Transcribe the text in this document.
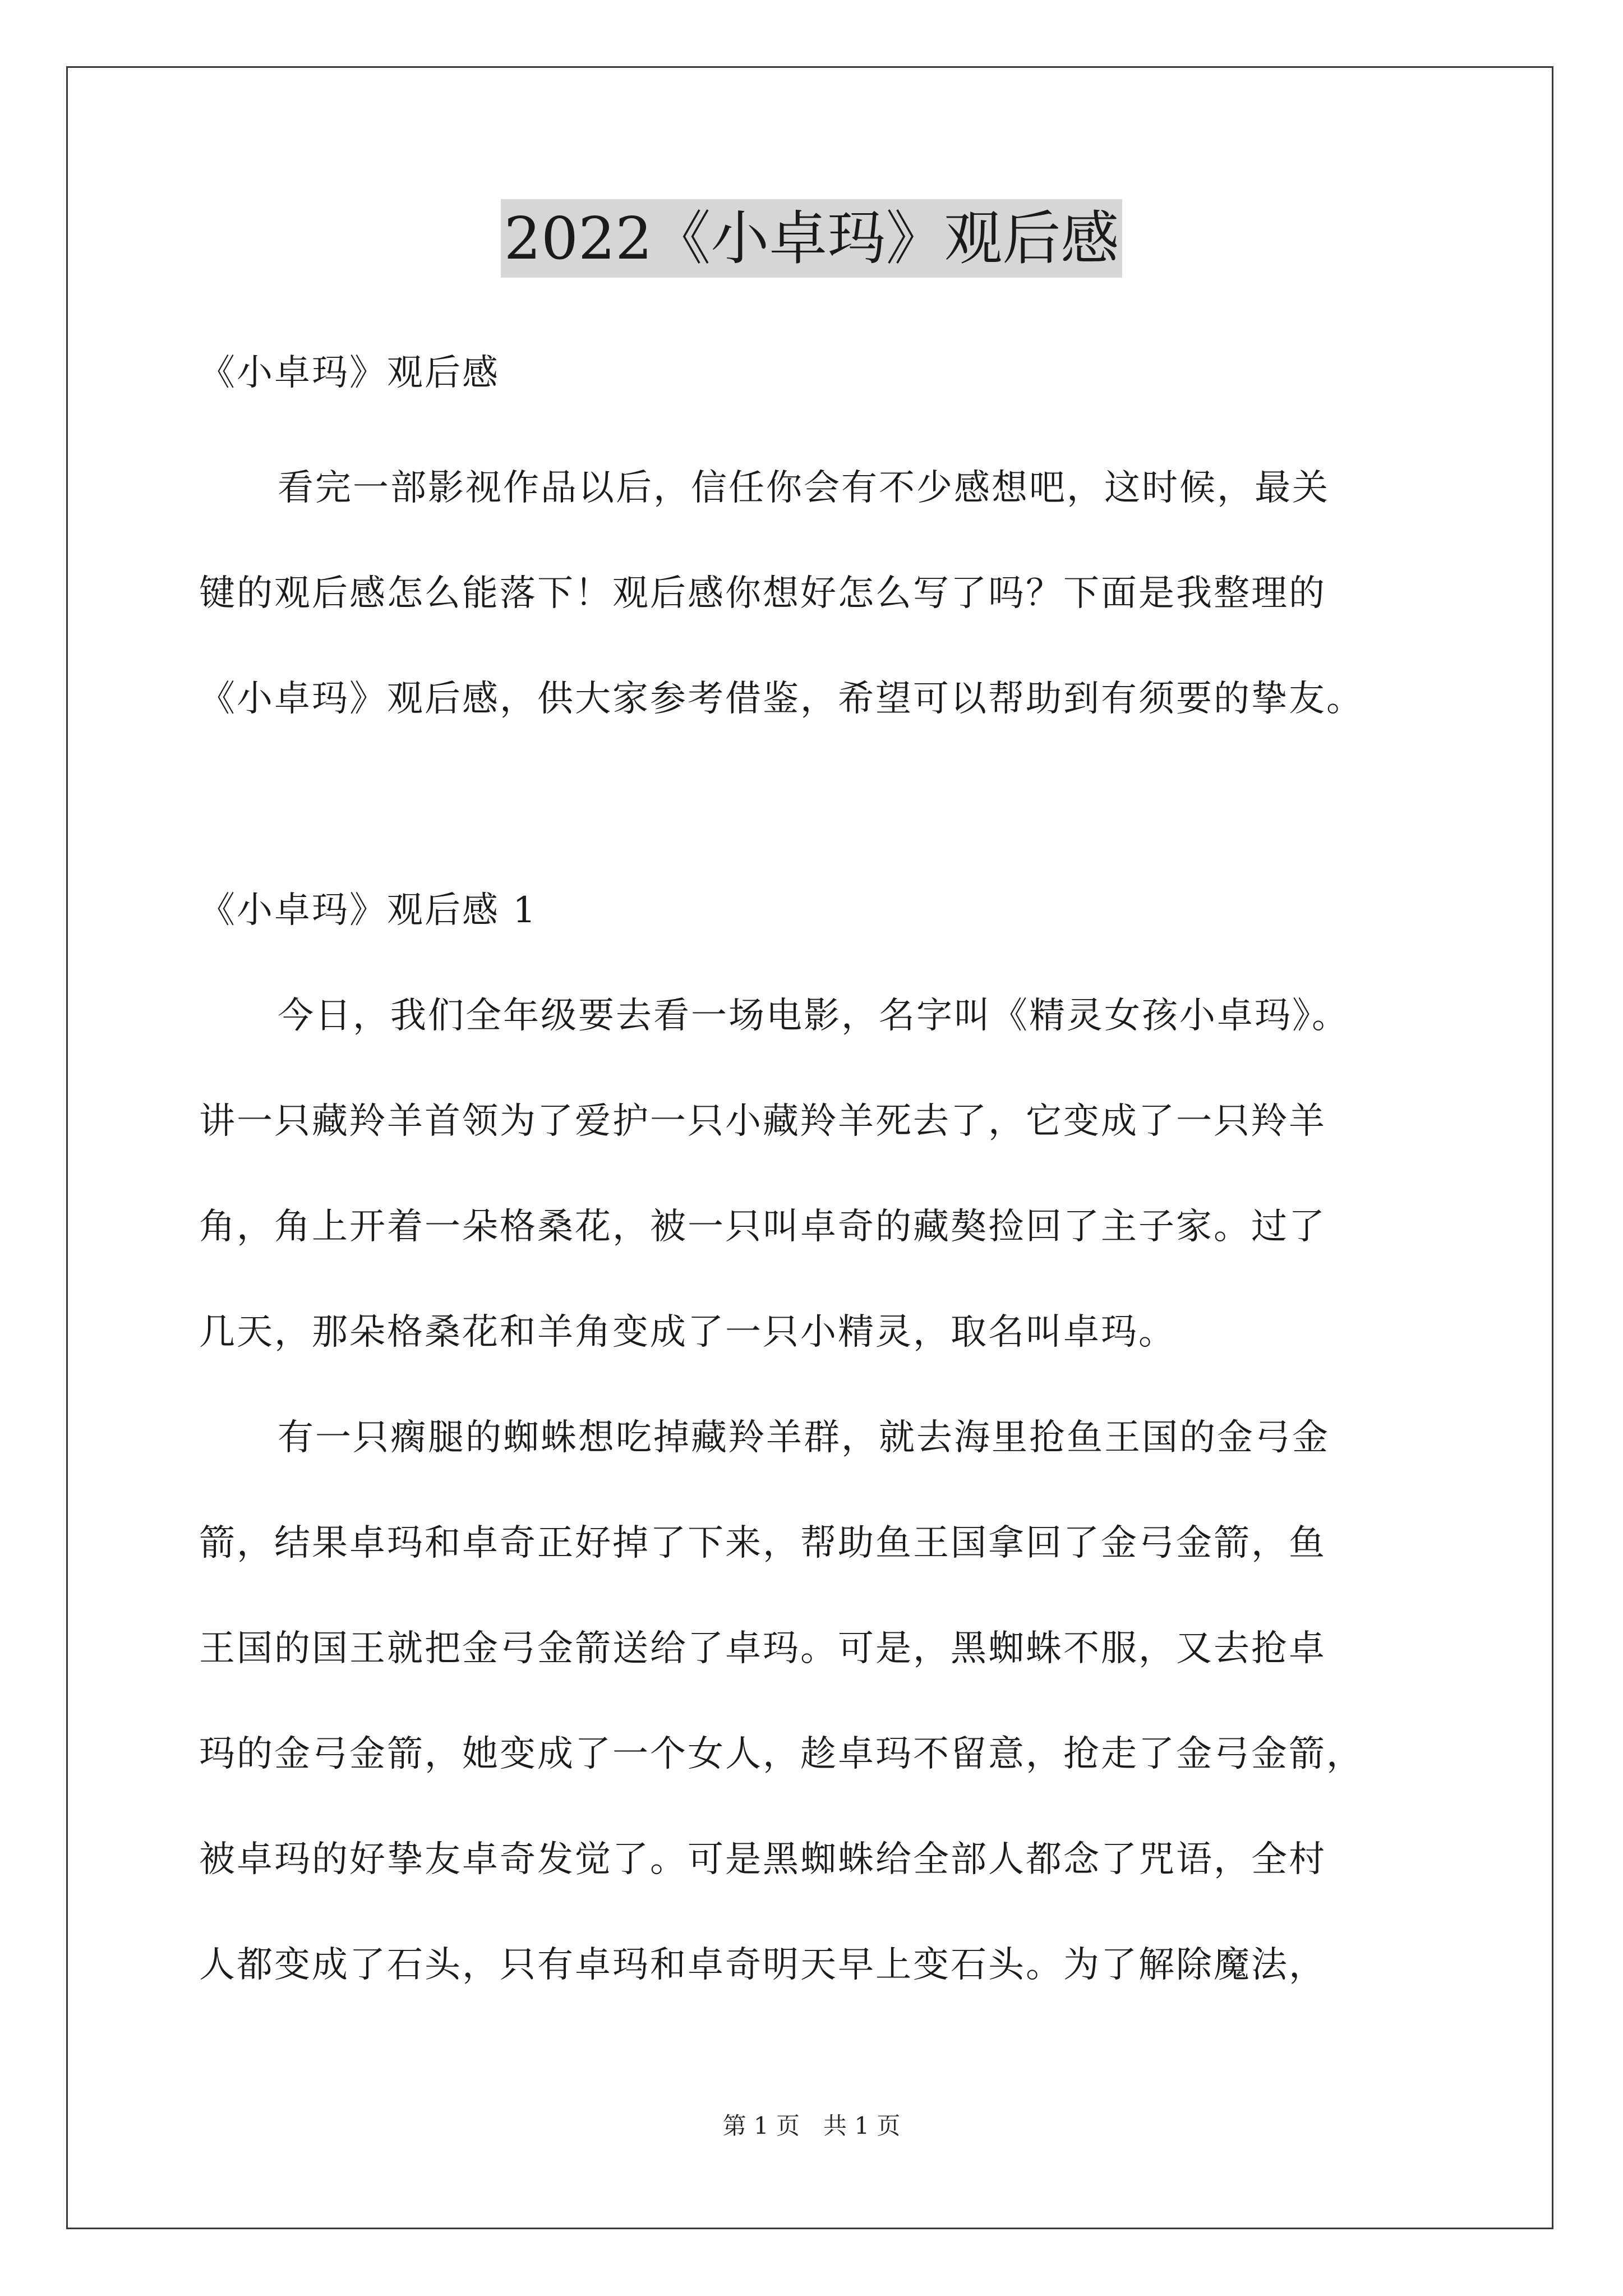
2022《小卓玛》观后感
《小卓玛》观后感
看完一部影视作品以后，信任你会有不少感想吧，这时候，最关
键的观后感怎么能落下！观后感你想好怎么写了吗？下面是我整理的
《小卓玛》观后感，供大家参考借鉴，希望可以帮助到有须要的挚友。
《小卓玛》观后感 1
今日，我们全年级要去看一场电影，名字叫《精灵女孩小卓玛》。
讲一只藏羚羊首领为了爱护一只小藏羚羊死去了，它变成了一只羚羊
角，角上开着一朵格桑花，被一只叫卓奇的藏獒捡回了主子家。过了
几天，那朵格桑花和羊角变成了一只小精灵，取名叫卓玛。
有一只瘸腿的蜘蛛想吃掉藏羚羊群，就去海里抢鱼王国的金弓金
箭，结果卓玛和卓奇正好掉了下来，帮助鱼王国拿回了金弓金箭，鱼
王国的国王就把金弓金箭送给了卓玛。可是，黑蜘蛛不服，又去抢卓
玛的金弓金箭，她变成了一个女人，趁卓玛不留意，抢走了金弓金箭，
被卓玛的好挚友卓奇发觉了。可是黑蜘蛛给全部人都念了咒语，全村
人都变成了石头，只有卓玛和卓奇明天早上变石头。为了解除魔法，
第 1 页　共 1 页
